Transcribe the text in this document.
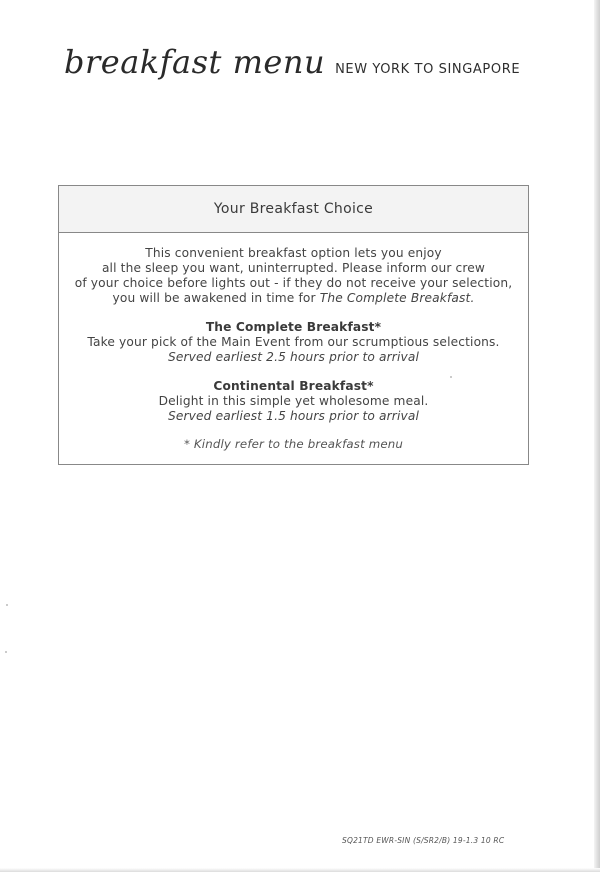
breakfast menu NEW YORK TO SINGAPORE
Your Breakfast Choice

This convenient breakfast option lets you enjoy

all the sleep you want, uninterrupted. Please inform our crew

of your choice before lights out - if they do not receive your selection,

you will be awakened in time for The Complete Breakfast.

The Complete Breakfast*

Take your pick of the Main Event from our scrumptious selections.

Served earliest 2.5 hours prior to arrival

Continental Breakfast*

Delight in this simple yet wholesome meal.

Served earliest 1.5 hours prior to arrival

* Kindly refer to the breakfast menu

SQ21TD EWR-SIN (S/SR2/B) 19-1.3 10 RC
